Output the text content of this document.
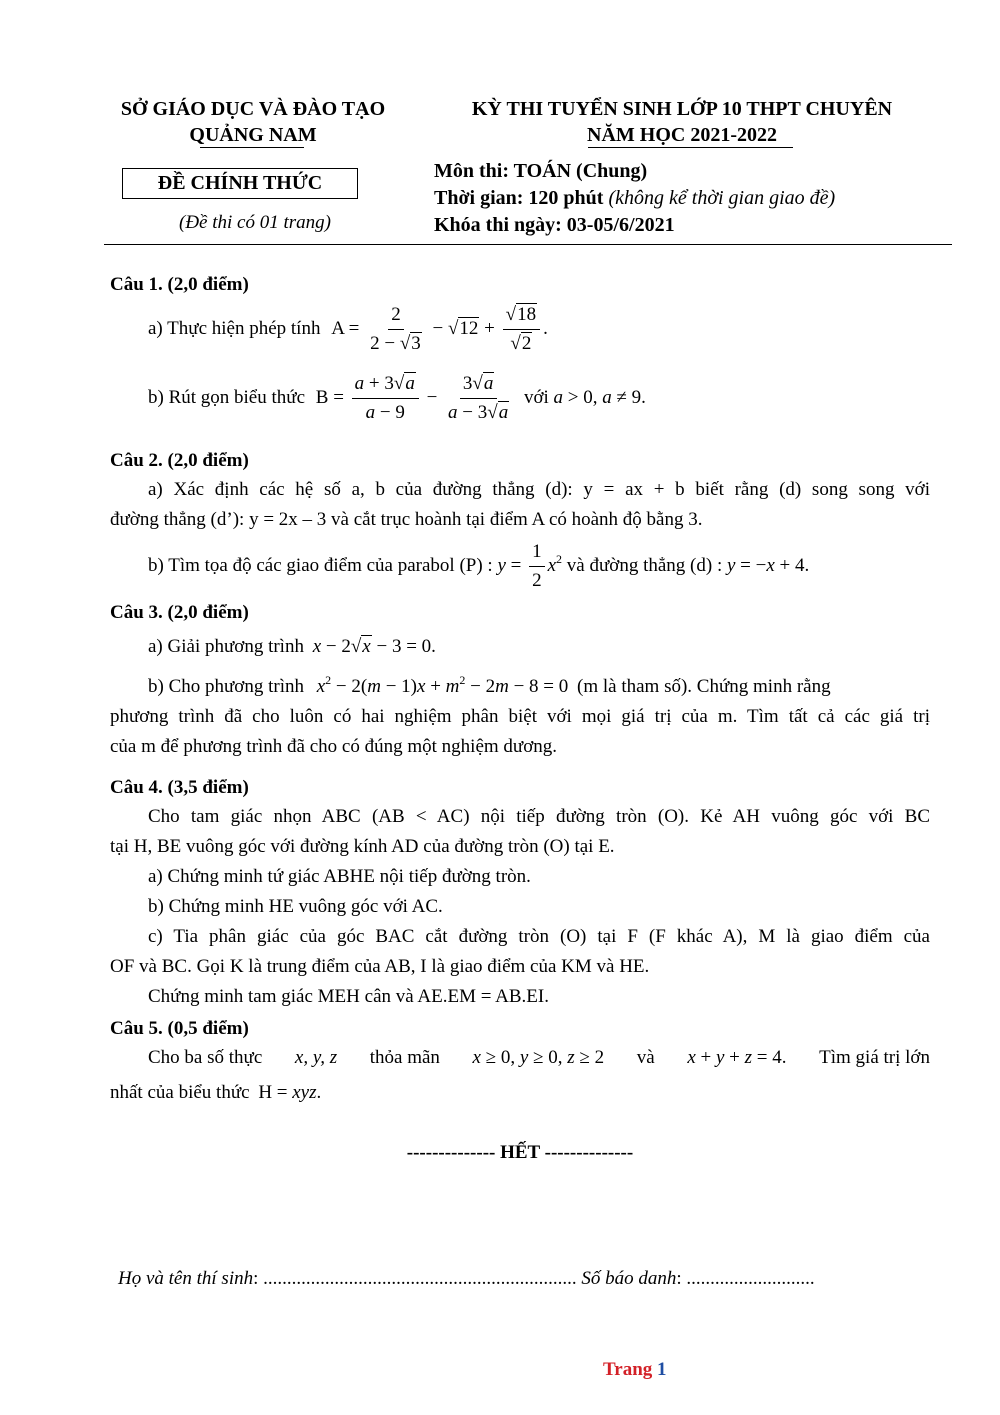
SỞ GIÁO DỤC VÀ ĐÀO TẠO
QUẢNG NAM
KỲ THI TUYỂN SINH LỚP 10 THPT CHUYÊN
NĂM HỌC 2021-2022
ĐỀ CHÍNH THỨC
(Đề thi có 01 trang)
Môn thi: TOÁN (Chung)
Thời gian: 120 phút (không kể thời gian giao đề)
Khóa thi ngày: 03-05/6/2021
Câu 1. (2,0 điểm)
a) Thực hiện phép tính $A = \frac{2}{2 - √3} - √12 + \frac{√18}{√2}$ .
b) Rút gọn biểu thức $B = \frac{a + 3√a}{a - 9} - \frac{3√a}{a - 3√a}$ với a > 0, a ≠ 9.
Câu 2. (2,0 điểm)
a) Xác định các hệ số a, b của đường thẳng (d): y = ax + b biết rằng (d) song song với
đường thẳng (d’): y = 2x – 3 và cắt trục hoành tại điểm A có hoành độ bằng 3.
b) Tìm tọa độ các giao điểm của parabol (P) : $y = \frac{1}{2} x^2$ và đường thẳng (d) : y = −x + 4.
Câu 3. (2,0 điểm)
a) Giải phương trình x − 2√x − 3 = 0.
b) Cho phương trình $x^2 - 2(m - 1)x + m^2 - 2m - 8 = 0$ (m là tham số). Chứng minh rằng
phương trình đã cho luôn có hai nghiệm phân biệt với mọi giá trị của m. Tìm tất cả các giá trị
của m để phương trình đã cho có đúng một nghiệm dương.
Câu 4. (3,5 điểm)
Cho tam giác nhọn ABC (AB < AC) nội tiếp đường tròn (O). Kẻ AH vuông góc với BC
tại H, BE vuông góc với đường kính AD của đường tròn (O) tại E.
a) Chứng minh tứ giác ABHE nội tiếp đường tròn.
b) Chứng minh HE vuông góc với AC.
c) Tia phân giác của góc BAC cắt đường tròn (O) tại F (F khác A), M là giao điểm của
OF và BC. Gọi K là trung điểm của AB, I là giao điểm của KM và HE.
Chứng minh tam giác MEH cân và AE.EM = AB.EI.
Câu 5. (0,5 điểm)
Cho ba số thực x, y, z thỏa mãn x ≥ 0, y ≥ 0, z ≥ 2 và x + y + z = 4. Tìm giá trị lớn
nhất của biểu thức H = xyz.
-------------- HẾT --------------
Họ và tên thí sinh: .................................................................. Số báo danh: ...........................
Trang 1
